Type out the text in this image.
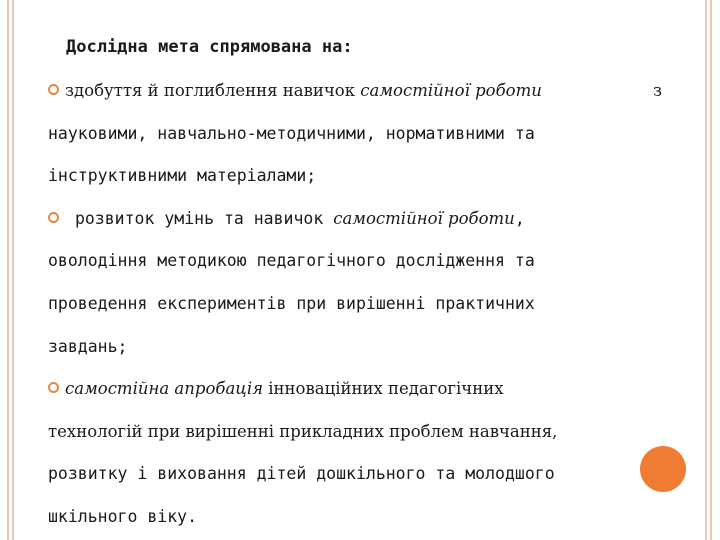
Дослідна мета спрямована на:
здобуття й поглиблення навичок самостійної роботи	з
науковими, навчально-методичними, нормативними та
інструктивними матеріалами;
розвиток умінь та навичок самостійної роботи,
оволодіння методикою педагогічного дослідження та
проведення експериментів при вирішенні практичних
завдань;
самостійна апробація інноваційних педагогічних
технологій при вирішенні прикладних проблем навчання,
розвитку і виховання дітей дошкільного та молодшого
шкільного віку.
